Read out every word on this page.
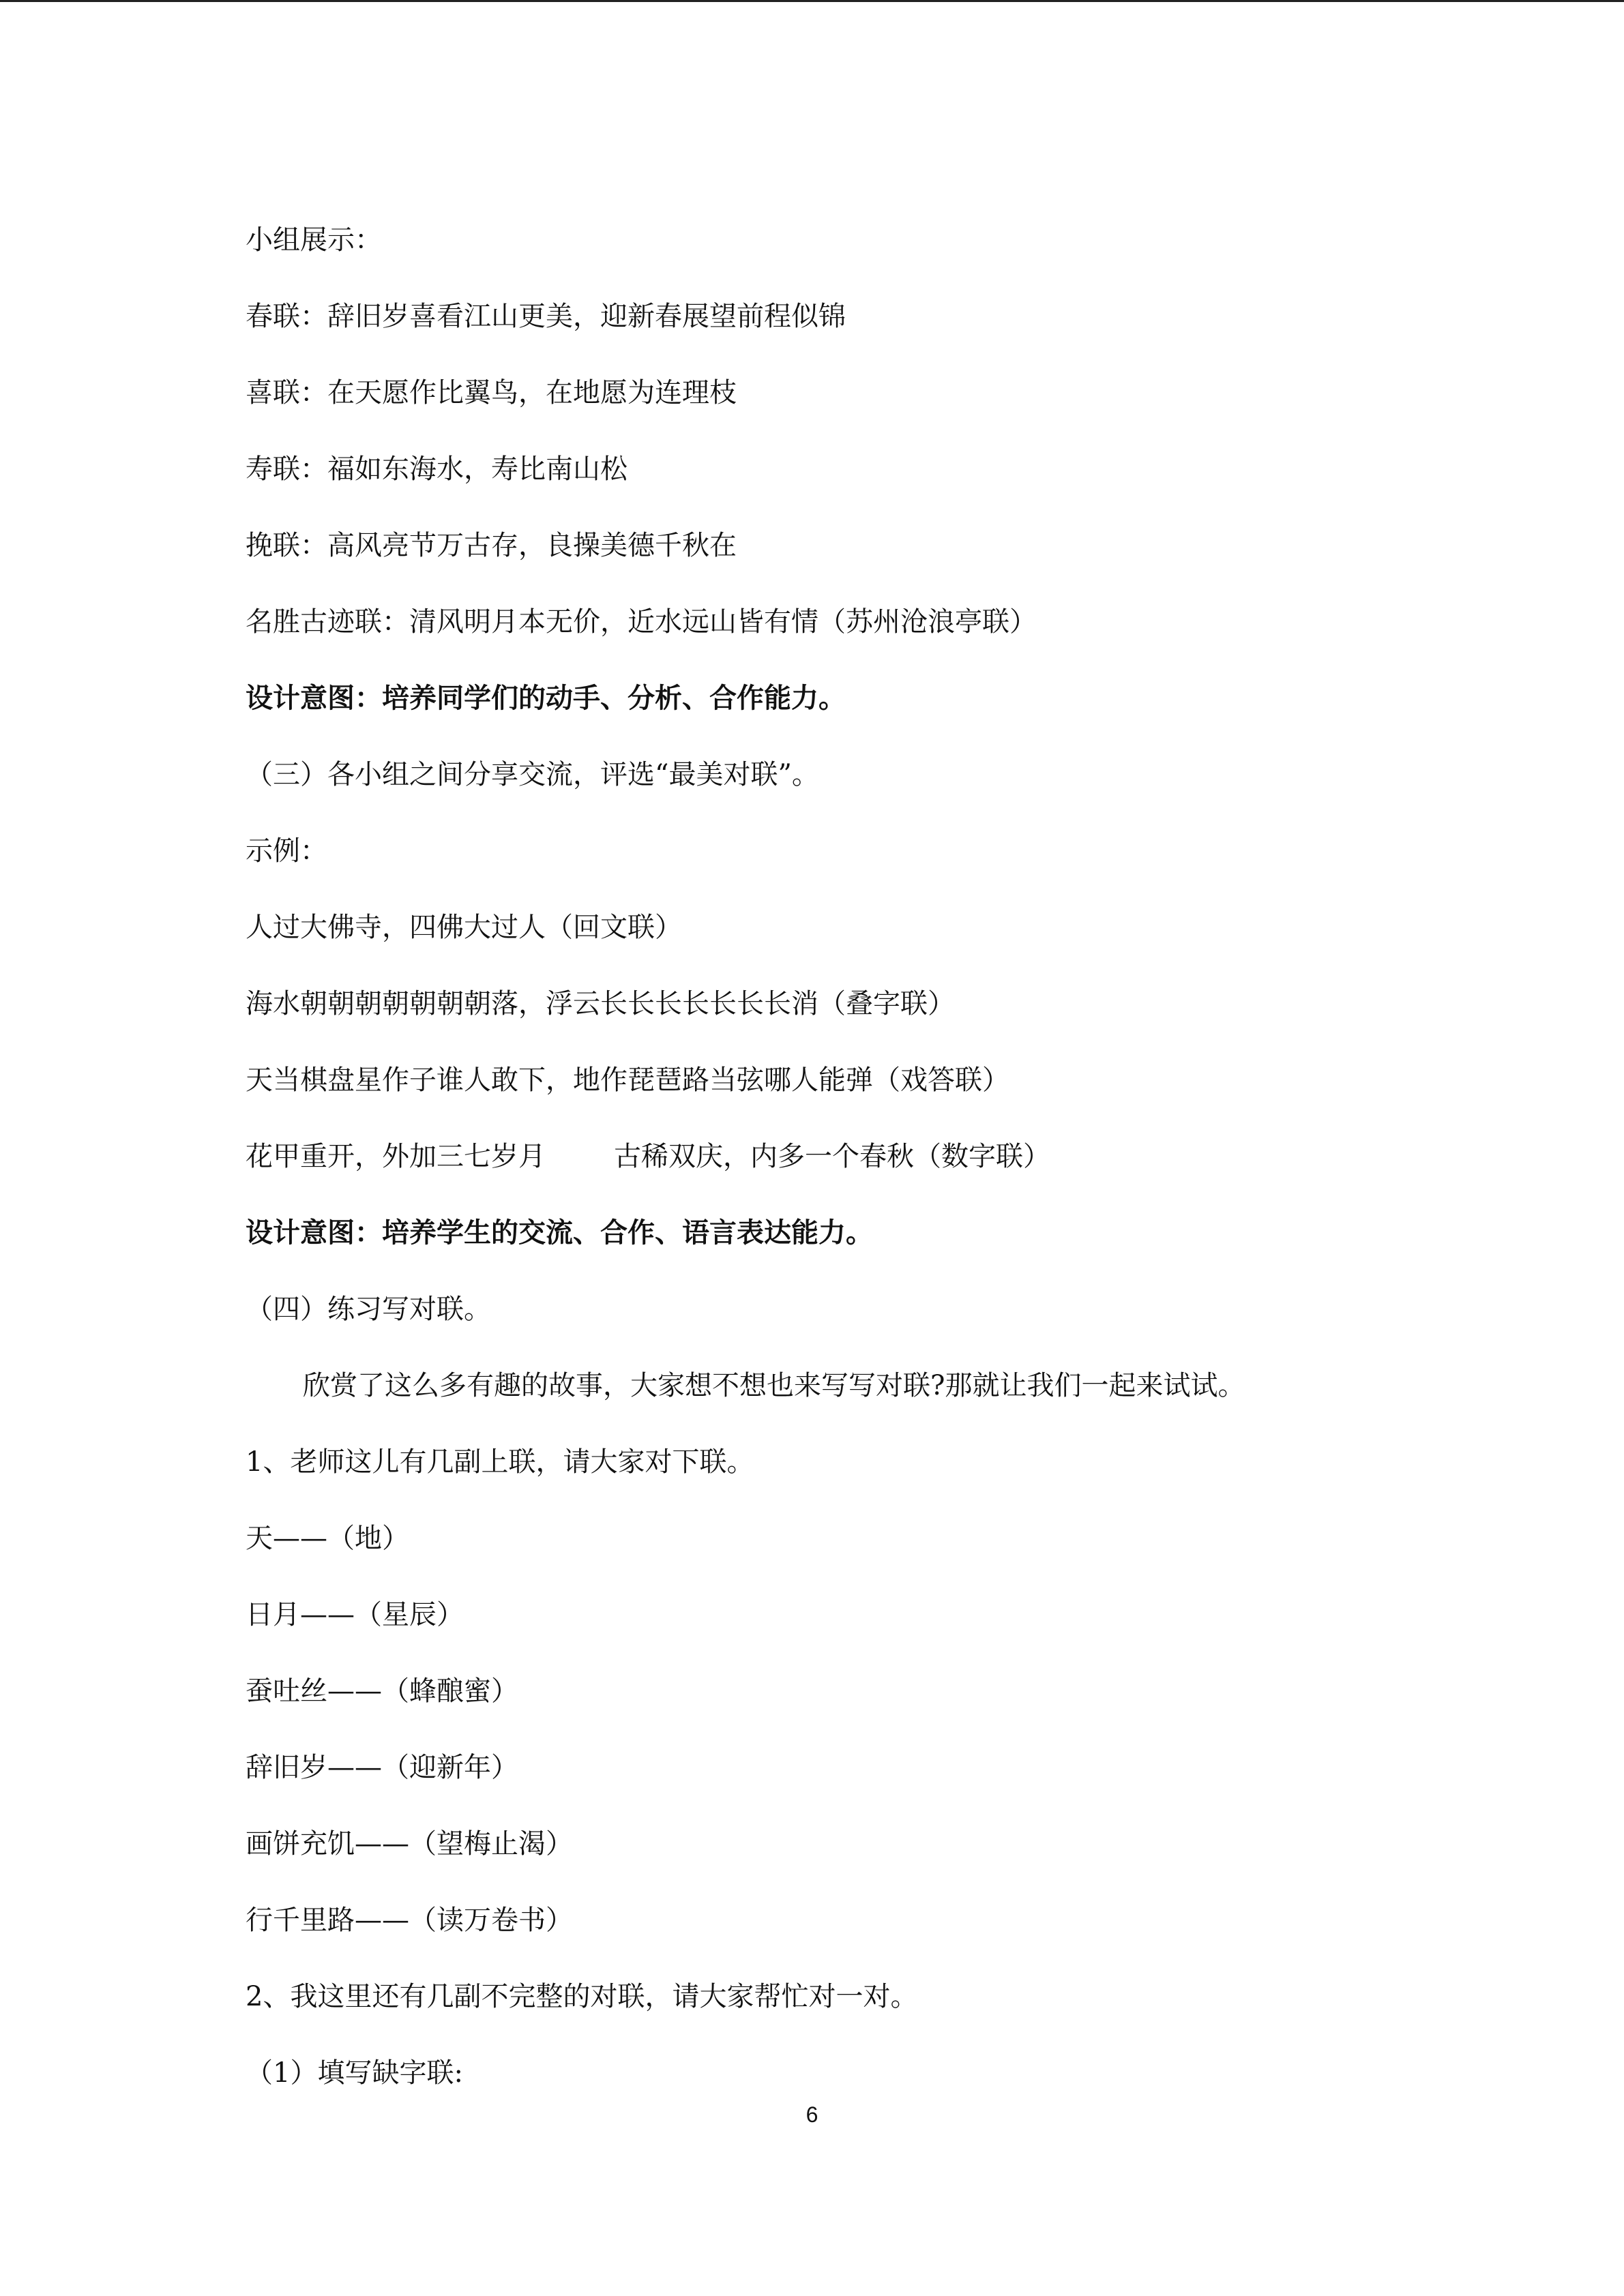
小组展示：
春联：辞旧岁喜看江山更美，迎新春展望前程似锦
喜联：在天愿作比翼鸟，在地愿为连理枝
寿联：福如东海水，寿比南山松
挽联：高风亮节万古存，良操美德千秋在
名胜古迹联：清风明月本无价，近水远山皆有情（苏州沧浪亭联）
设计意图：培养同学们的动手、分析、合作能力。
（三）各小组之间分享交流，评选“最美对联”。
示例：
人过大佛寺，四佛大过人（回文联）
海水朝朝朝朝朝朝朝落，浮云长长长长长长长消（叠字联）
天当棋盘星作子谁人敢下，地作琵琶路当弦哪人能弹（戏答联）
花甲重开，外加三七岁月	古稀双庆，内多一个春秋（数字联）
设计意图：培养学生的交流、合作、语言表达能力。
（四）练习写对联。
欣赏了这么多有趣的故事，大家想不想也来写写对联?那就让我们一起来试试。
1、老师这儿有几副上联，请大家对下联。
天——（地）
日月——（星辰）
蚕吐丝——（蜂酿蜜）
辞旧岁——（迎新年）
画饼充饥——（望梅止渴）
行千里路——（读万卷书）
2、我这里还有几副不完整的对联，请大家帮忙对一对。
（1）填写缺字联:
6
